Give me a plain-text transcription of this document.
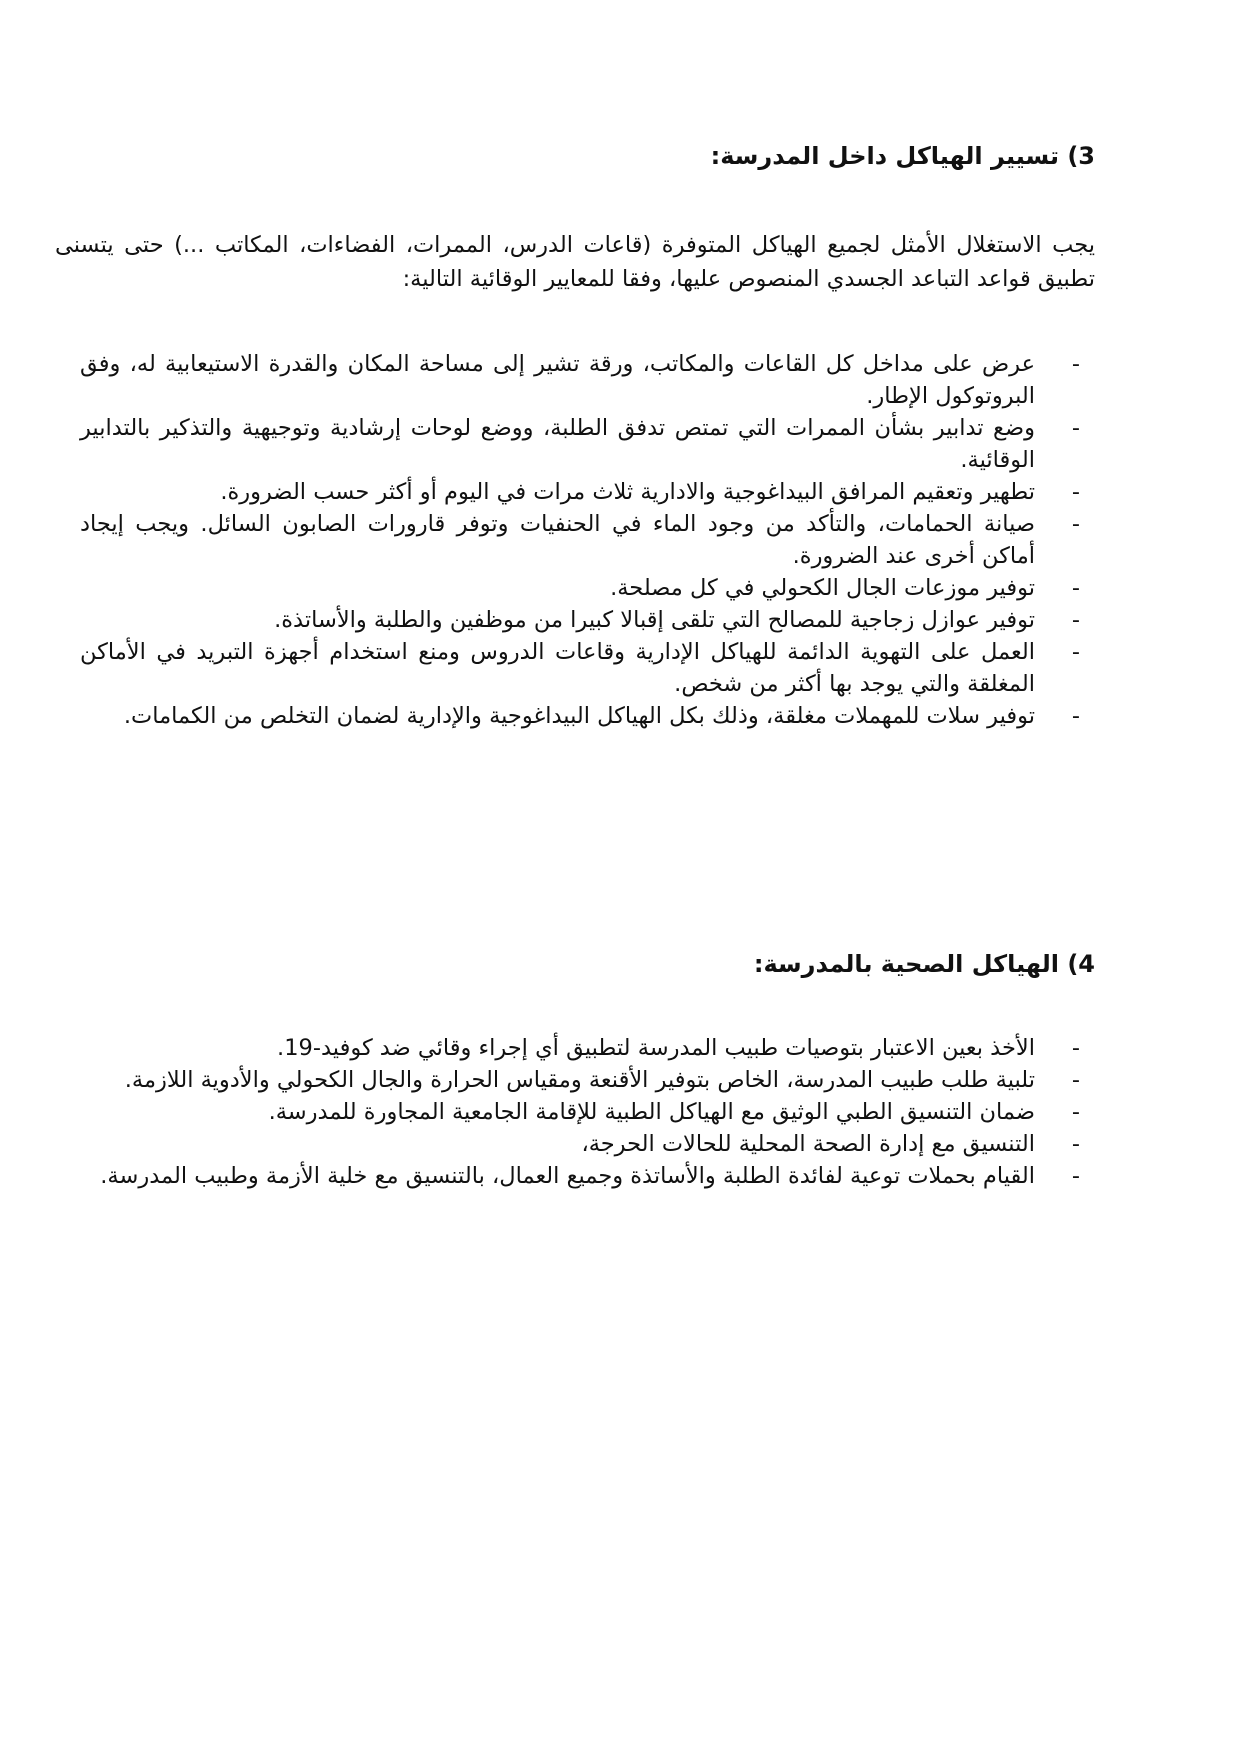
3) تسيير الهياكل داخل المدرسة:

يجب الاستغلال الأمثل لجميع الهياكل المتوفرة (قاعات الدرس، الممرات، الفضاءات، المكاتب ...) حتى يتسنى تطبيق قواعد التباعد الجسدي المنصوص عليها، وفقا للمعايير الوقائية التالية:

-
عرض على مداخل كل القاعات والمكاتب، ورقة تشير إلى مساحة المكان والقدرة الاستيعابية له، وفق البروتوكول الإطار.
-
وضع تدابير بشأن الممرات التي تمتص تدفق الطلبة، ووضع لوحات إرشادية وتوجيهية والتذكير بالتدابير الوقائية.
-
تطهير وتعقيم المرافق البيداغوجية والادارية ثلاث مرات في اليوم أو أكثر حسب الضرورة.
-
صيانة الحمامات، والتأكد من وجود الماء في الحنفيات وتوفر قارورات الصابون السائل. ويجب إيجاد أماكن أخرى عند الضرورة.
-
توفير موزعات الجال الكحولي في كل مصلحة.
-
توفير عوازل زجاجية للمصالح التي تلقى إقبالا كبيرا من موظفين والطلبة والأساتذة.
-
العمل على التهوية الدائمة للهياكل الإدارية وقاعات الدروس ومنع استخدام أجهزة التبريد في الأماكن المغلقة والتي يوجد بها أكثر من شخص.
-
توفير سلات للمهملات مغلقة، وذلك بكل الهياكل البيداغوجية والإدارية لضمان التخلص من الكمامات.
4) الهياكل الصحية بالمدرسة:
-
الأخذ بعين الاعتبار بتوصيات طبيب المدرسة لتطبيق أي إجراء وقائي ضد كوفيد-19.
-
تلبية طلب طبيب المدرسة، الخاص بتوفير الأقنعة ومقياس الحرارة والجال الكحولي والأدوية اللازمة.
-
ضمان التنسيق الطبي الوثيق مع الهياكل الطبية للإقامة الجامعية المجاورة للمدرسة.
-
التنسيق مع إدارة الصحة المحلية للحالات الحرجة،
-
القيام بحملات توعية لفائدة الطلبة والأساتذة وجميع العمال، بالتنسيق مع خلية الأزمة وطبيب المدرسة.
